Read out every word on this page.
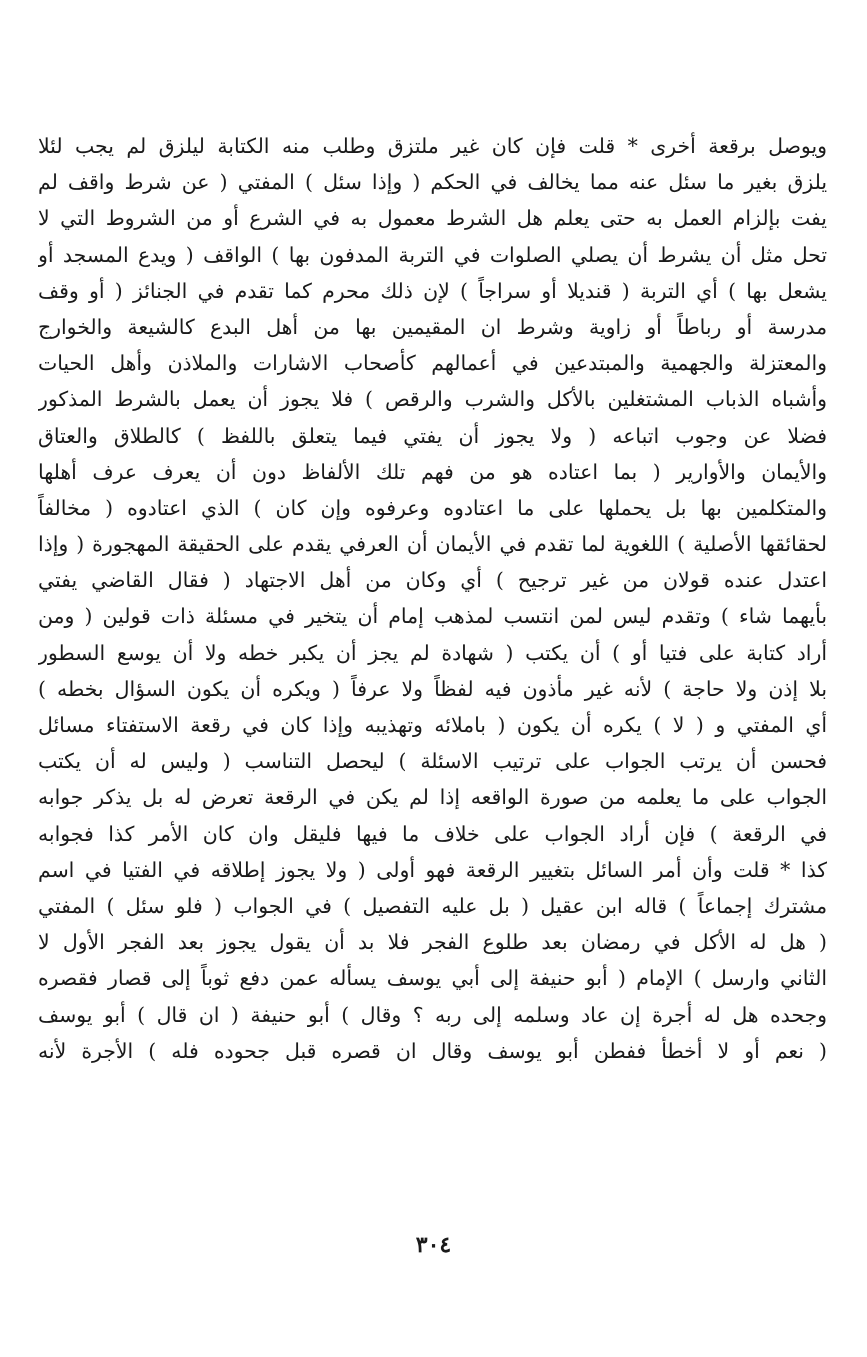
ويوصل برقعة أخرى * قلت فإن كان غير ملتزق وطلب منه الكتابة ليلزق لم يجب لئلا
يلزق بغير ما سئل عنه مما يخالف في الحكم ( وإذا سئل ) المفتي ( عن شرط واقف لم
يفت بإلزام العمل به حتى يعلم هل الشرط معمول به في الشرع أو من الشروط التي لا
تحل مثل أن يشرط أن يصلي الصلوات في التربة المدفون بها ) الواقف ( ويدع المسجد أو
يشعل بها ) أي التربة ( قنديلا أو سراجاً ) لإن ذلك محرم كما تقدم في الجنائز ( أو وقف
مدرسة أو رباطاً أو زاوية وشرط ان المقيمين بها من أهل البدع كالشيعة والخوارج
والمعتزلة والجهمية والمبتدعين في أعمالهم كأصحاب الاشارات والملاذن وأهل الحيات
وأشباه الذباب المشتغلين بالأكل والشرب والرقص ) فلا يجوز أن يعمل بالشرط المذكور
فضلا عن وجوب اتباعه ( ولا يجوز أن يفتي فيما يتعلق باللفظ ) كالطلاق والعتاق
والأيمان والأوارير ( بما اعتاده هو من فهم تلك الألفاظ دون أن يعرف عرف أهلها
والمتكلمين بها بل يحملها على ما اعتادوه وعرفوه وإن كان ) الذي اعتادوه ( مخالفاً
لحقائقها الأصلية ) اللغوية لما تقدم في الأيمان أن العرفي يقدم على الحقيقة المهجورة ( وإذا
اعتدل عنده قولان من غير ترجيح ) أي وكان من أهل الاجتهاد ( فقال القاضي يفتي
بأيهما شاء ) وتقدم ليس لمن انتسب لمذهب إمام أن يتخير في مسئلة ذات قولين ( ومن
أراد كتابة على فتيا أو ) أن يكتب ( شهادة لم يجز أن يكبر خطه ولا أن يوسع السطور
بلا إذن ولا حاجة ) لأنه غير مأذون فيه لفظاً ولا عرفاً ( ويكره أن يكون السؤال بخطه )
أي المفتي و ( لا ) يكره أن يكون ( باملائه وتهذيبه وإذا كان في رقعة الاستفتاء مسائل
فحسن أن يرتب الجواب على ترتيب الاسئلة ) ليحصل التناسب ( وليس له أن يكتب
الجواب على ما يعلمه من صورة الواقعه إذا لم يكن في الرقعة تعرض له بل يذكر جوابه
في الرقعة ) فإن أراد الجواب على خلاف ما فيها فليقل وان كان الأمر كذا فجوابه
كذا * قلت وأن أمر السائل بتغيير الرقعة فهو أولى ( ولا يجوز إطلاقه في الفتيا في اسم
مشترك إجماعاً ) قاله ابن عقيل ( بل عليه التفصيل ) في الجواب ( فلو سئل ) المفتي
( هل له الأكل في رمضان بعد طلوع الفجر فلا بد أن يقول يجوز بعد الفجر الأول لا
الثاني وارسل ) الإمام ( أبو حنيفة إلى أبي يوسف يسأله عمن دفع ثوباً إلى قصار فقصره
وجحده هل له أجرة إن عاد وسلمه إلى ربه ؟ وقال ) أبو حنيفة ( ان قال ) أبو يوسف
( نعم أو لا أخطأ ففطن أبو يوسف وقال ان قصره قبل جحوده فله ) الأجرة لأنه
٣٠٤
